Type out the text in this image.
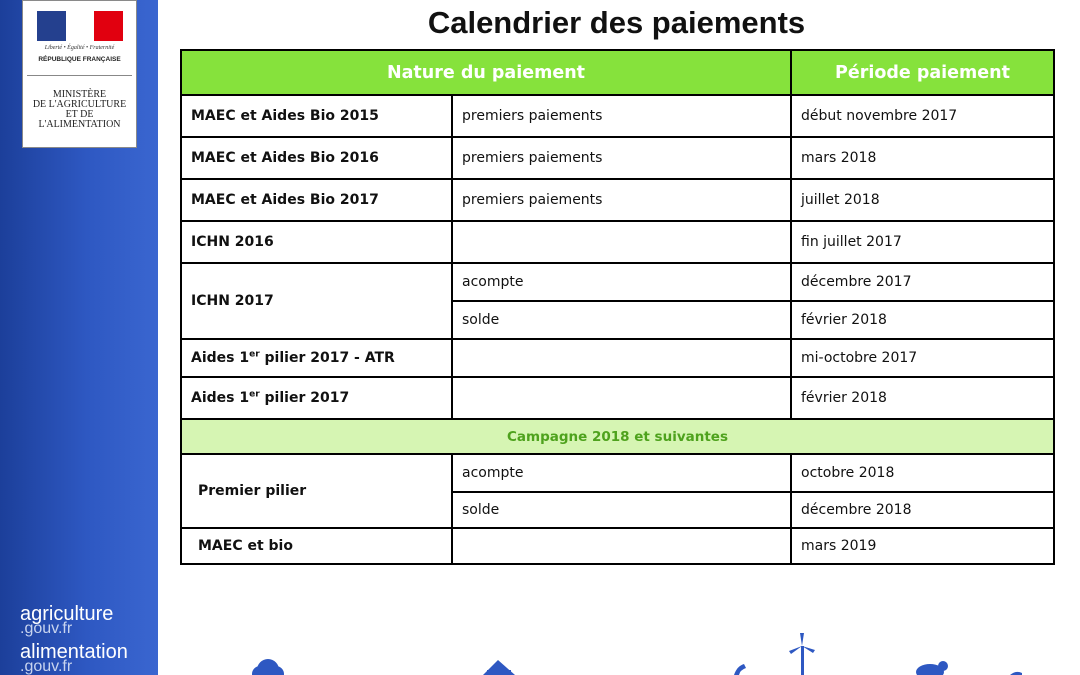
Liberté • Égalité • Fraternité
RÉPUBLIQUE FRANÇAISE
MINISTÈRE
DE L'AGRICULTURE
ET DE
L'ALIMENTATION
agriculture
.gouv.fr
alimentation
.gouv.fr
Calendrier des paiements
Nature du paiement		Période paiement
MAEC et Aides Bio 2015	premiers paiements	début novembre 2017
MAEC et Aides Bio 2016	premiers paiements	mars 2018
MAEC et Aides Bio 2017	premiers paiements	juillet 2018
ICHN 2016		fin juillet 2017
ICHN 2017	acompte	décembre 2017
	solde	février 2018
Aides 1er pilier 2017 - ATR		mi-octobre 2017
Aides 1er pilier 2017		février 2018
Campagne 2018 et suivantes		
Premier pilier	acompte	octobre 2018
	solde	décembre 2018
MAEC et bio		mars 2019
